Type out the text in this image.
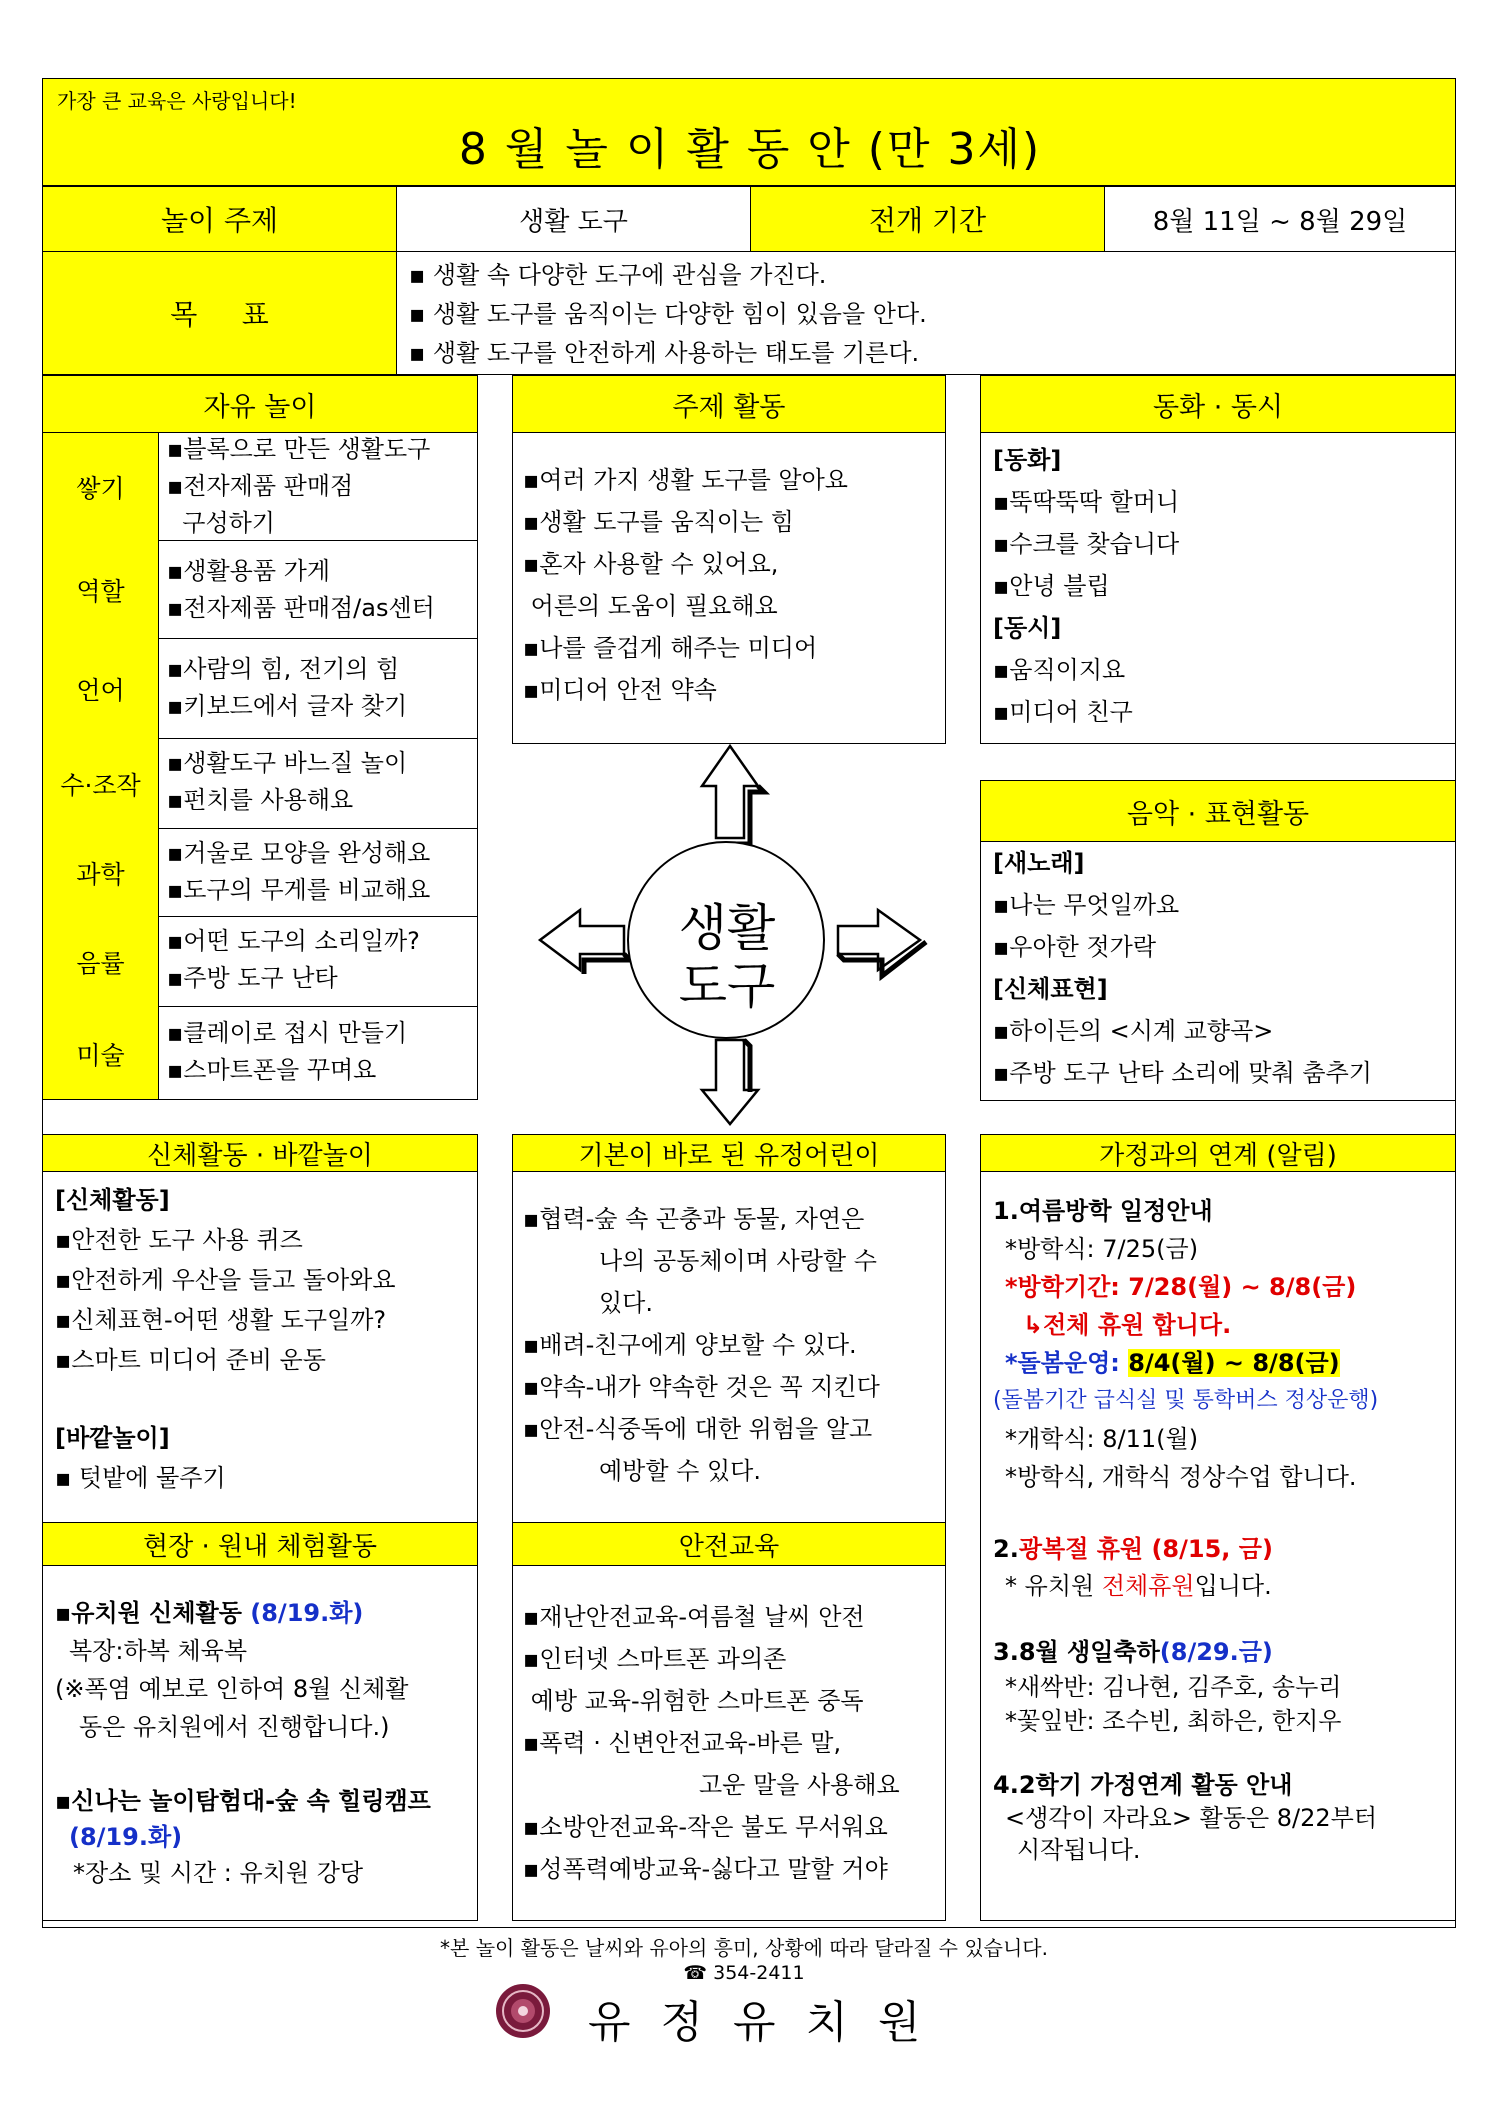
가장 큰 교육은 사랑입니다!
8 월 놀 이 활 동 안 (만 3세)
놀이 주제	생활 도구	전개 기간	8월 11일 ~ 8월 29일
목     표
▪ 생활 속 다양한 도구에 관심을 가진다.
▪ 생활 도구를 움직이는 다양한 힘이 있음을 안다.
▪ 생활 도구를 안전하게 사용하는 태도를 기른다.
자유 놀이
쌓기
▪블록으로 만든 생활도구
▪전자제품 판매점
구성하기
역할
▪생활용품 가게
▪전자제품 판매점/as센터
언어
▪사람의 힘, 전기의 힘
▪키보드에서 글자 찾기
수·조작
▪생활도구 바느질 놀이
▪펀치를 사용해요
과학
▪거울로 모양을 완성해요
▪도구의 무게를 비교해요
음률
▪어떤 도구의 소리일까?
▪주방 도구 난타
미술
▪클레이로 접시 만들기
▪스마트폰을 꾸며요
주제 활동
▪여러 가지 생활 도구를 알아요
▪생활 도구를 움직이는 힘
▪혼자 사용할 수 있어요,
어른의 도움이 필요해요
▪나를 즐겁게 해주는 미디어
▪미디어 안전 약속
동화 · 동시
[동화]
▪뚝딱뚝딱 할머니
▪수크를 찾습니다
▪안녕 블립
[동시]
▪움직이지요
▪미디어 친구
생활
도구
음악 · 표현활동
[새노래]
▪나는 무엇일까요
▪우아한 젓가락
[신체표현]
▪하이든의 <시계 교향곡>
▪주방 도구 난타 소리에 맞춰 춤추기
신체활동 · 바깥놀이
[신체활동]
▪안전한 도구 사용 퀴즈
▪안전하게 우산을 들고 돌아와요
▪신체표현-어떤 생활 도구일까?
▪스마트 미디어 준비 운동
[바깥놀이]
▪ 텃밭에 물주기
기본이 바로 된 유정어린이
▪협력-숲 속 곤충과 동물, 자연은
나의 공동체이며 사랑할 수
있다.
▪배려-친구에게 양보할 수 있다.
▪약속-내가 약속한 것은 꼭 지킨다
▪안전-식중독에 대한 위험을 알고
예방할 수 있다.
현장 · 원내 체험활동
▪유치원 신체활동 (8/19.화)
복장:하복 체육복
(※폭염 예보로 인하여 8월 신체활
동은 유치원에서 진행합니다.)
▪신나는 놀이탐험대-숲 속 힐링캠프
(8/19.화)
*장소 및 시간 : 유치원 강당
안전교육
▪재난안전교육-여름철 날씨 안전
▪인터넷 스마트폰 과의존
예방 교육-위험한 스마트폰 중독
▪폭력 · 신변안전교육-바른 말,
고운 말을 사용해요
▪소방안전교육-작은 불도 무서워요
▪성폭력예방교육-싫다고 말할 거야
가정과의 연계 (알림)
1.여름방학 일정안내
*방학식: 7/25(금)
*방학기간: 7/28(월) ~ 8/8(금)
↳전체 휴원 합니다.
*돌봄운영: 8/4(월) ~ 8/8(금)
(돌봄기간 급식실 및 통학버스 정상운행)
*개학식: 8/11(월)
*방학식, 개학식 정상수업 합니다.
2.광복절 휴원 (8/15, 금)
* 유치원 전체휴원입니다.
3.8월 생일축하(8/29.금)
*새싹반: 김나현, 김주호, 송누리
*꽃잎반: 조수빈, 최하은, 한지우
4.2학기 가정연계 활동 안내
<생각이 자라요> 활동은 8/22부터
시작됩니다.
*본 놀이 활동은 날씨와 유아의 흥미, 상황에 따라 달라질 수 있습니다.
☎ 354-2411
유 정 유 치 원
